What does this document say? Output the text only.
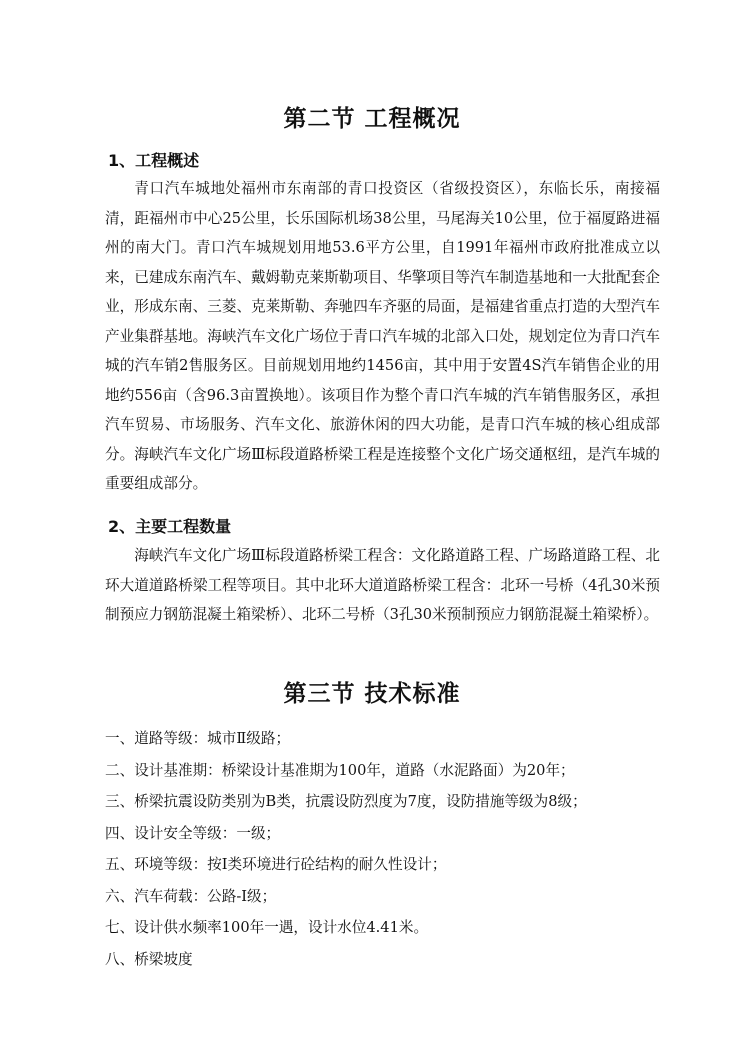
第二节 工程概况
1、工程概述

青口汽车城地处福州市东南部的青口投资区（省级投资区），东临长乐，南接福清，距福州市中心25公里，长乐国际机场38公里，马尾海关10公里，位于福厦路进福州的南大门。青口汽车城规划用地53.6平方公里，自1991年福州市政府批准成立以来，已建成东南汽车、戴姆勒克莱斯勒项目、华擎项目等汽车制造基地和一大批配套企业，形成东南、三菱、克莱斯勒、奔驰四车齐驱的局面，是福建省重点打造的大型汽车产业集群基地。海峡汽车文化广场位于青口汽车城的北部入口处，规划定位为青口汽车城的汽车销2售服务区。目前规划用地约1456亩，其中用于安置4S汽车销售企业的用地约556亩（含96.3亩置换地）。该项目作为整个青口汽车城的汽车销售服务区，承担汽车贸易、市场服务、汽车文化、旅游休闲的四大功能，是青口汽车城的核心组成部分。海峡汽车文化广场Ⅲ标段道路桥梁工程是连接整个文化广场交通枢纽，是汽车城的重要组成部分。

2、主要工程数量

海峡汽车文化广场Ⅲ标段道路桥梁工程含：文化路道路工程、广场路道路工程、北环大道道路桥梁工程等项目。其中北环大道道路桥梁工程含：北环一号桥（4孔30米预制预应力钢筋混凝土箱梁桥）、北环二号桥（3孔30米预制预应力钢筋混凝土箱梁桥）。

第三节 技术标准
一、道路等级：城市Ⅱ级路；
二、设计基准期：桥梁设计基准期为100年，道路（水泥路面）为20年；
三、桥梁抗震设防类别为B类，抗震设防烈度为7度，设防措施等级为8级；
四、设计安全等级：一级；
五、环境等级：按Ⅰ类环境进行砼结构的耐久性设计；
六、汽车荷载：公路-Ⅰ级；
七、设计供水频率100年一遇，设计水位4.41米。
八、桥梁坡度
